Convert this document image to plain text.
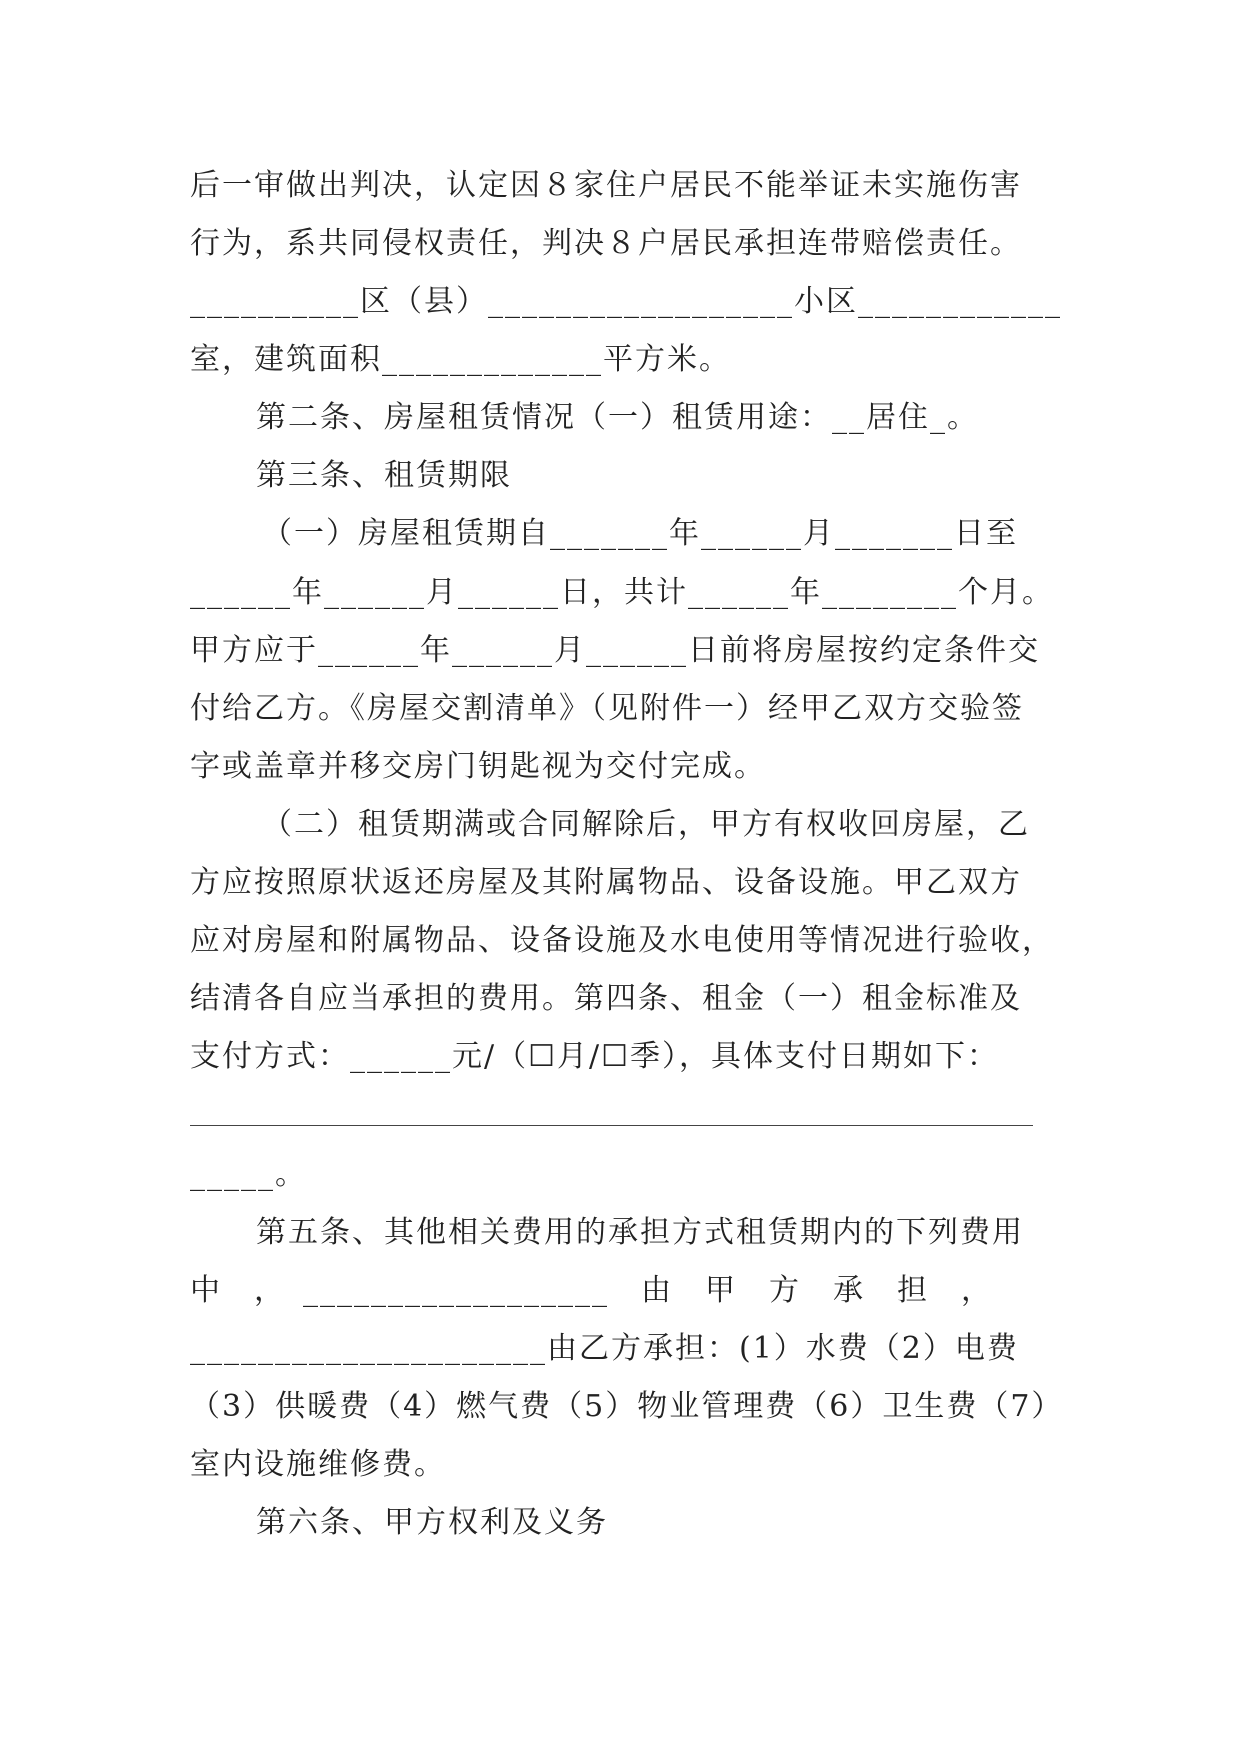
后一审做出判决，认定因８家住户居民不能举证未实施伤害
行为，系共同侵权责任，判决８户居民承担连带赔偿责任。
__________区（县）__________________小区____________
室，建筑面积_____________平方米。
第二条、房屋租赁情况（一）租赁用途：__居住_。
第三条、租赁期限
（一）房屋租赁期自_______年______月_______日至
______年______月______日，共计______年________个月。
甲方应于______年______月______日前将房屋按约定条件交
付给乙方。《房屋交割清单》（见附件一）经甲乙双方交验签
字或盖章并移交房门钥匙视为交付完成。
（二）租赁期满或合同解除后，甲方有权收回房屋，乙
方应按照原状返还房屋及其附属物品、设备设施。甲乙双方
应对房屋和附属物品、设备设施及水电使用等情况进行验收，
结清各自应当承担的费用。第四条、租金（一）租金标准及
支付方式：______元/（☐月/☐季），具体支付日期如下：
_____。
第五条、其他相关费用的承担方式租赁期内的下列费用
中　，　__________________　由　甲　方　承　担　，
_____________________由乙方承担：(1）水费（2）电费
（3）供暖费（4）燃气费（5）物业管理费（6）卫生费（7）
室内设施维修费。
第六条、甲方权利及义务
